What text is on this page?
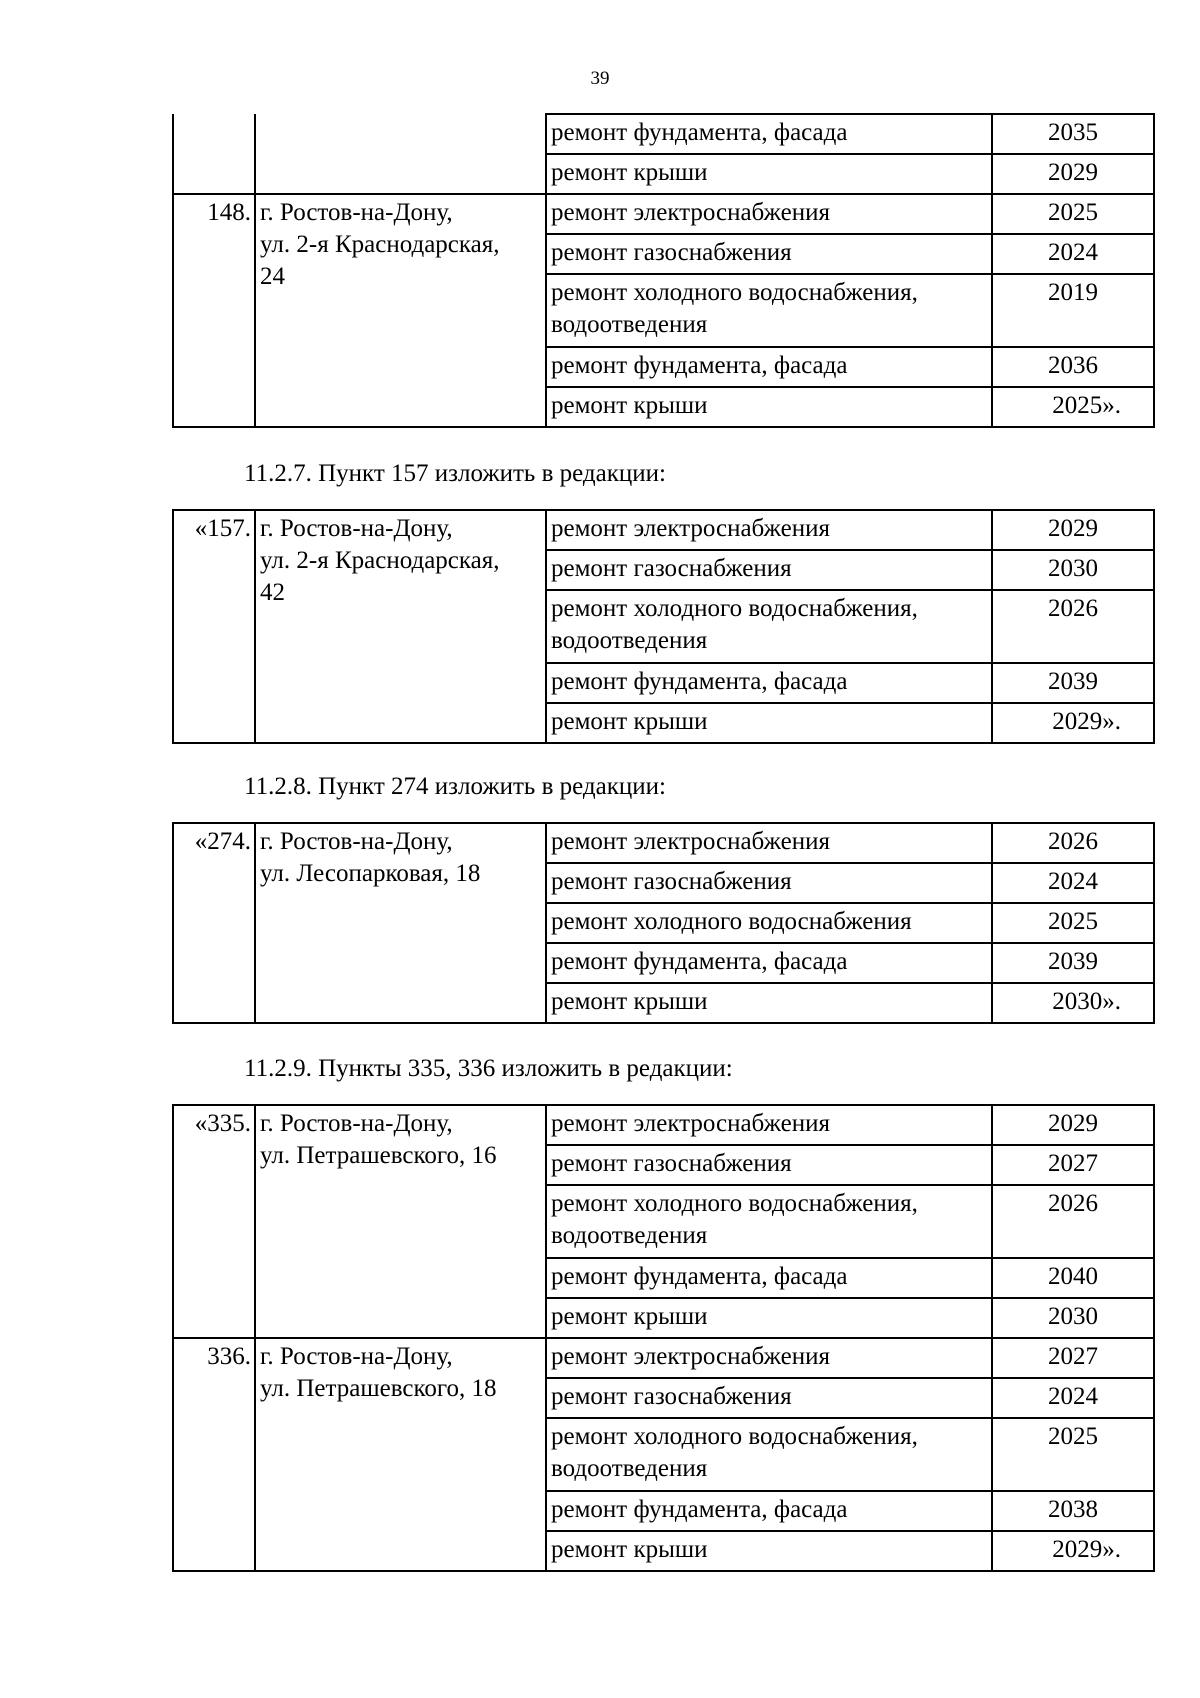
39
		ремонт фундамента, фасада	2035
		ремонт крыши	2029
148.	г. Ростов-на-Дону,
ул. 2-я Краснодарская,
24	ремонт электроснабжения	2025
		ремонт газоснабжения	2024
		ремонт холодного водоснабжения, водоотведения	2019
		ремонт фундамента, фасада	2036
		ремонт крыши	2025».
11.2.7. Пункт 157 изложить в редакции:
«157.	г. Ростов-на-Дону,
ул. 2-я Краснодарская,
42	ремонт электроснабжения	2029
		ремонт газоснабжения	2030
		ремонт холодного водоснабжения, водоотведения	2026
		ремонт фундамента, фасада	2039
		ремонт крыши	2029».
11.2.8. Пункт 274 изложить в редакции:
«274.	г. Ростов-на-Дону,
ул. Лесопарковая, 18	ремонт электроснабжения	2026
		ремонт газоснабжения	2024
		ремонт холодного водоснабжения	2025
		ремонт фундамента, фасада	2039
		ремонт крыши	2030».
11.2.9. Пункты 335, 336 изложить в редакции:
«335.	г. Ростов-на-Дону,
ул. Петрашевского, 16	ремонт электроснабжения	2029
		ремонт газоснабжения	2027
		ремонт холодного водоснабжения, водоотведения	2026
		ремонт фундамента, фасада	2040
		ремонт крыши	2030
336.	г. Ростов-на-Дону,
ул. Петрашевского, 18	ремонт электроснабжения	2027
		ремонт газоснабжения	2024
		ремонт холодного водоснабжения, водоотведения	2025
		ремонт фундамента, фасада	2038
		ремонт крыши	2029».
